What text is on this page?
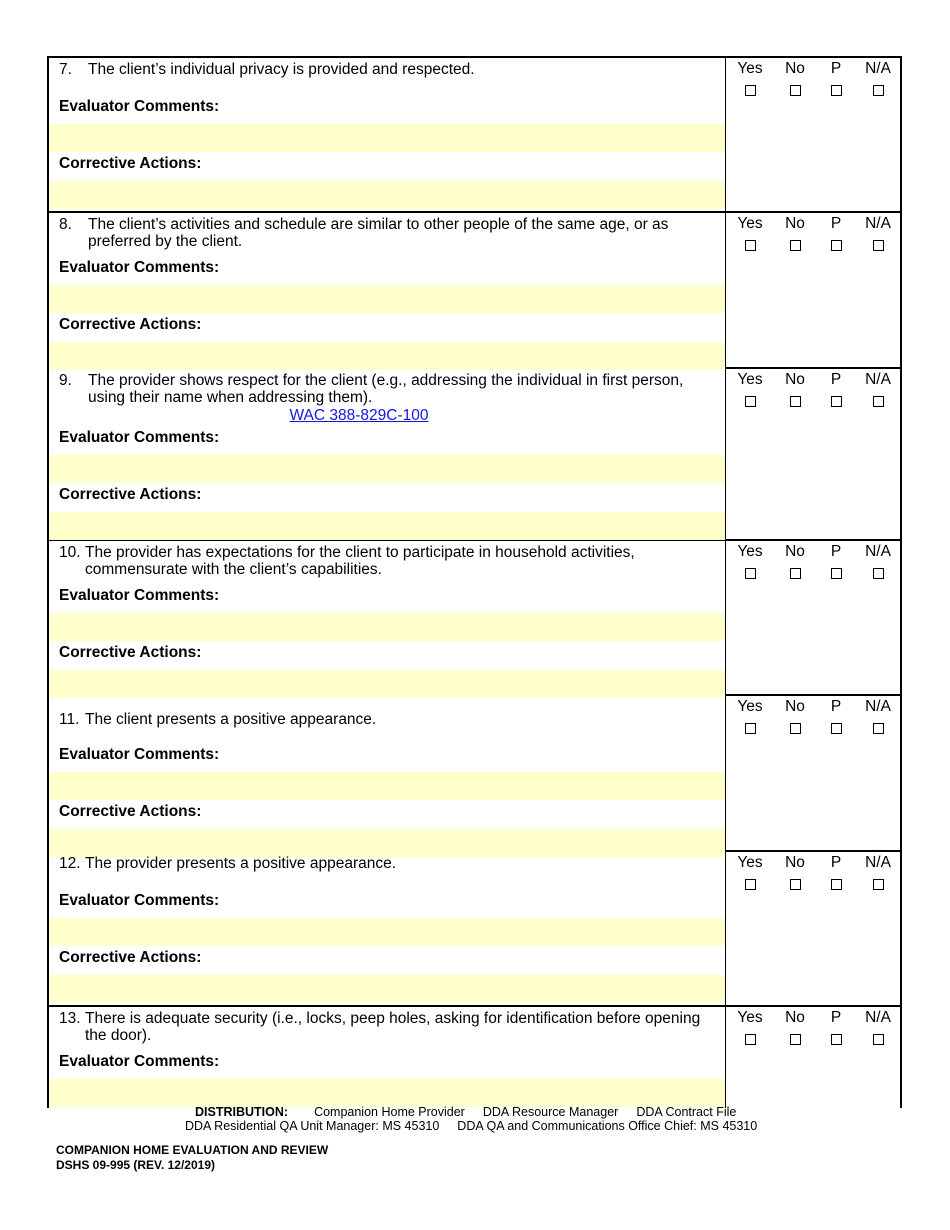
7.	The client’s individual privacy is provided and respected.
Evaluator Comments:
Corrective Actions:
Yes No P N/A
8.	The client’s activities and schedule are similar to other people of the same age, or as preferred by the client.
Evaluator Comments:
Corrective Actions:
Yes No P N/A
9.	The provider shows respect for the client (e.g., addressing the individual in first person, using their name when addressing them).
WAC 388-829C-100
Evaluator Comments:
Corrective Actions:
Yes No P N/A
10. The provider has expectations for the client to participate in household activities, commensurate with the client’s capabilities.
Evaluator Comments:
Corrective Actions:
Yes No P N/A
11. The client presents a positive appearance.
Evaluator Comments:
Corrective Actions:
Yes No P N/A
12. The provider presents a positive appearance.
Evaluator Comments:
Corrective Actions:
Yes No P N/A
13. There is adequate security (i.e., locks, peep holes, asking for identification before opening the door).
Evaluator Comments:
Yes No P N/A
DISTRIBUTION: Companion Home Provider DDA Resource Manager DDA Contract File
DDA Residential QA Unit Manager: MS 45310 DDA QA and Communications Office Chief: MS 45310
COMPANION HOME EVALUATION AND REVIEW
DSHS 09-995 (REV. 12/2019)
